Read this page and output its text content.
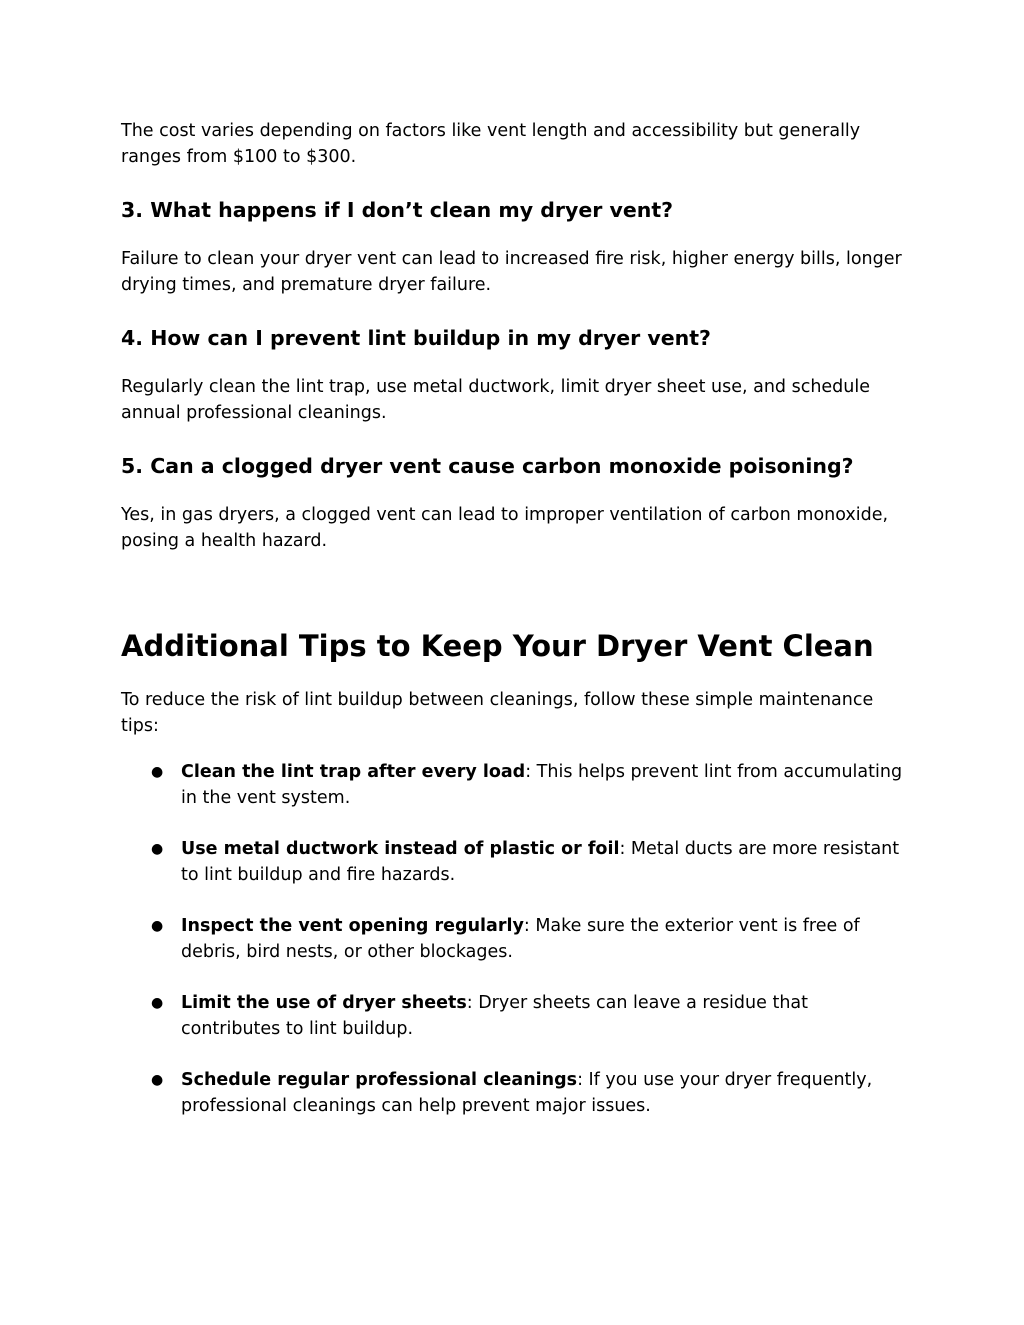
The cost varies depending on factors like vent length and accessibility but generally ranges from $100 to $300.

3. What happens if I don’t clean my dryer vent?

Failure to clean your dryer vent can lead to increased fire risk, higher energy bills, longer drying times, and premature dryer failure.

4. How can I prevent lint buildup in my dryer vent?

Regularly clean the lint trap, use metal ductwork, limit dryer sheet use, and schedule annual professional cleanings.

5. Can a clogged dryer vent cause carbon monoxide poisoning?

Yes, in gas dryers, a clogged vent can lead to improper ventilation of carbon monoxide, posing a health hazard.

Additional Tips to Keep Your Dryer Vent Clean

To reduce the risk of lint buildup between cleanings, follow these simple maintenance tips:

● Clean the lint trap after every load: This helps prevent lint from accumulating in the vent system.
● Use metal ductwork instead of plastic or foil: Metal ducts are more resistant to lint buildup and fire hazards.
● Inspect the vent opening regularly: Make sure the exterior vent is free of debris, bird nests, or other blockages.
● Limit the use of dryer sheets: Dryer sheets can leave a residue that contributes to lint buildup.
● Schedule regular professional cleanings: If you use your dryer frequently, professional cleanings can help prevent major issues.
